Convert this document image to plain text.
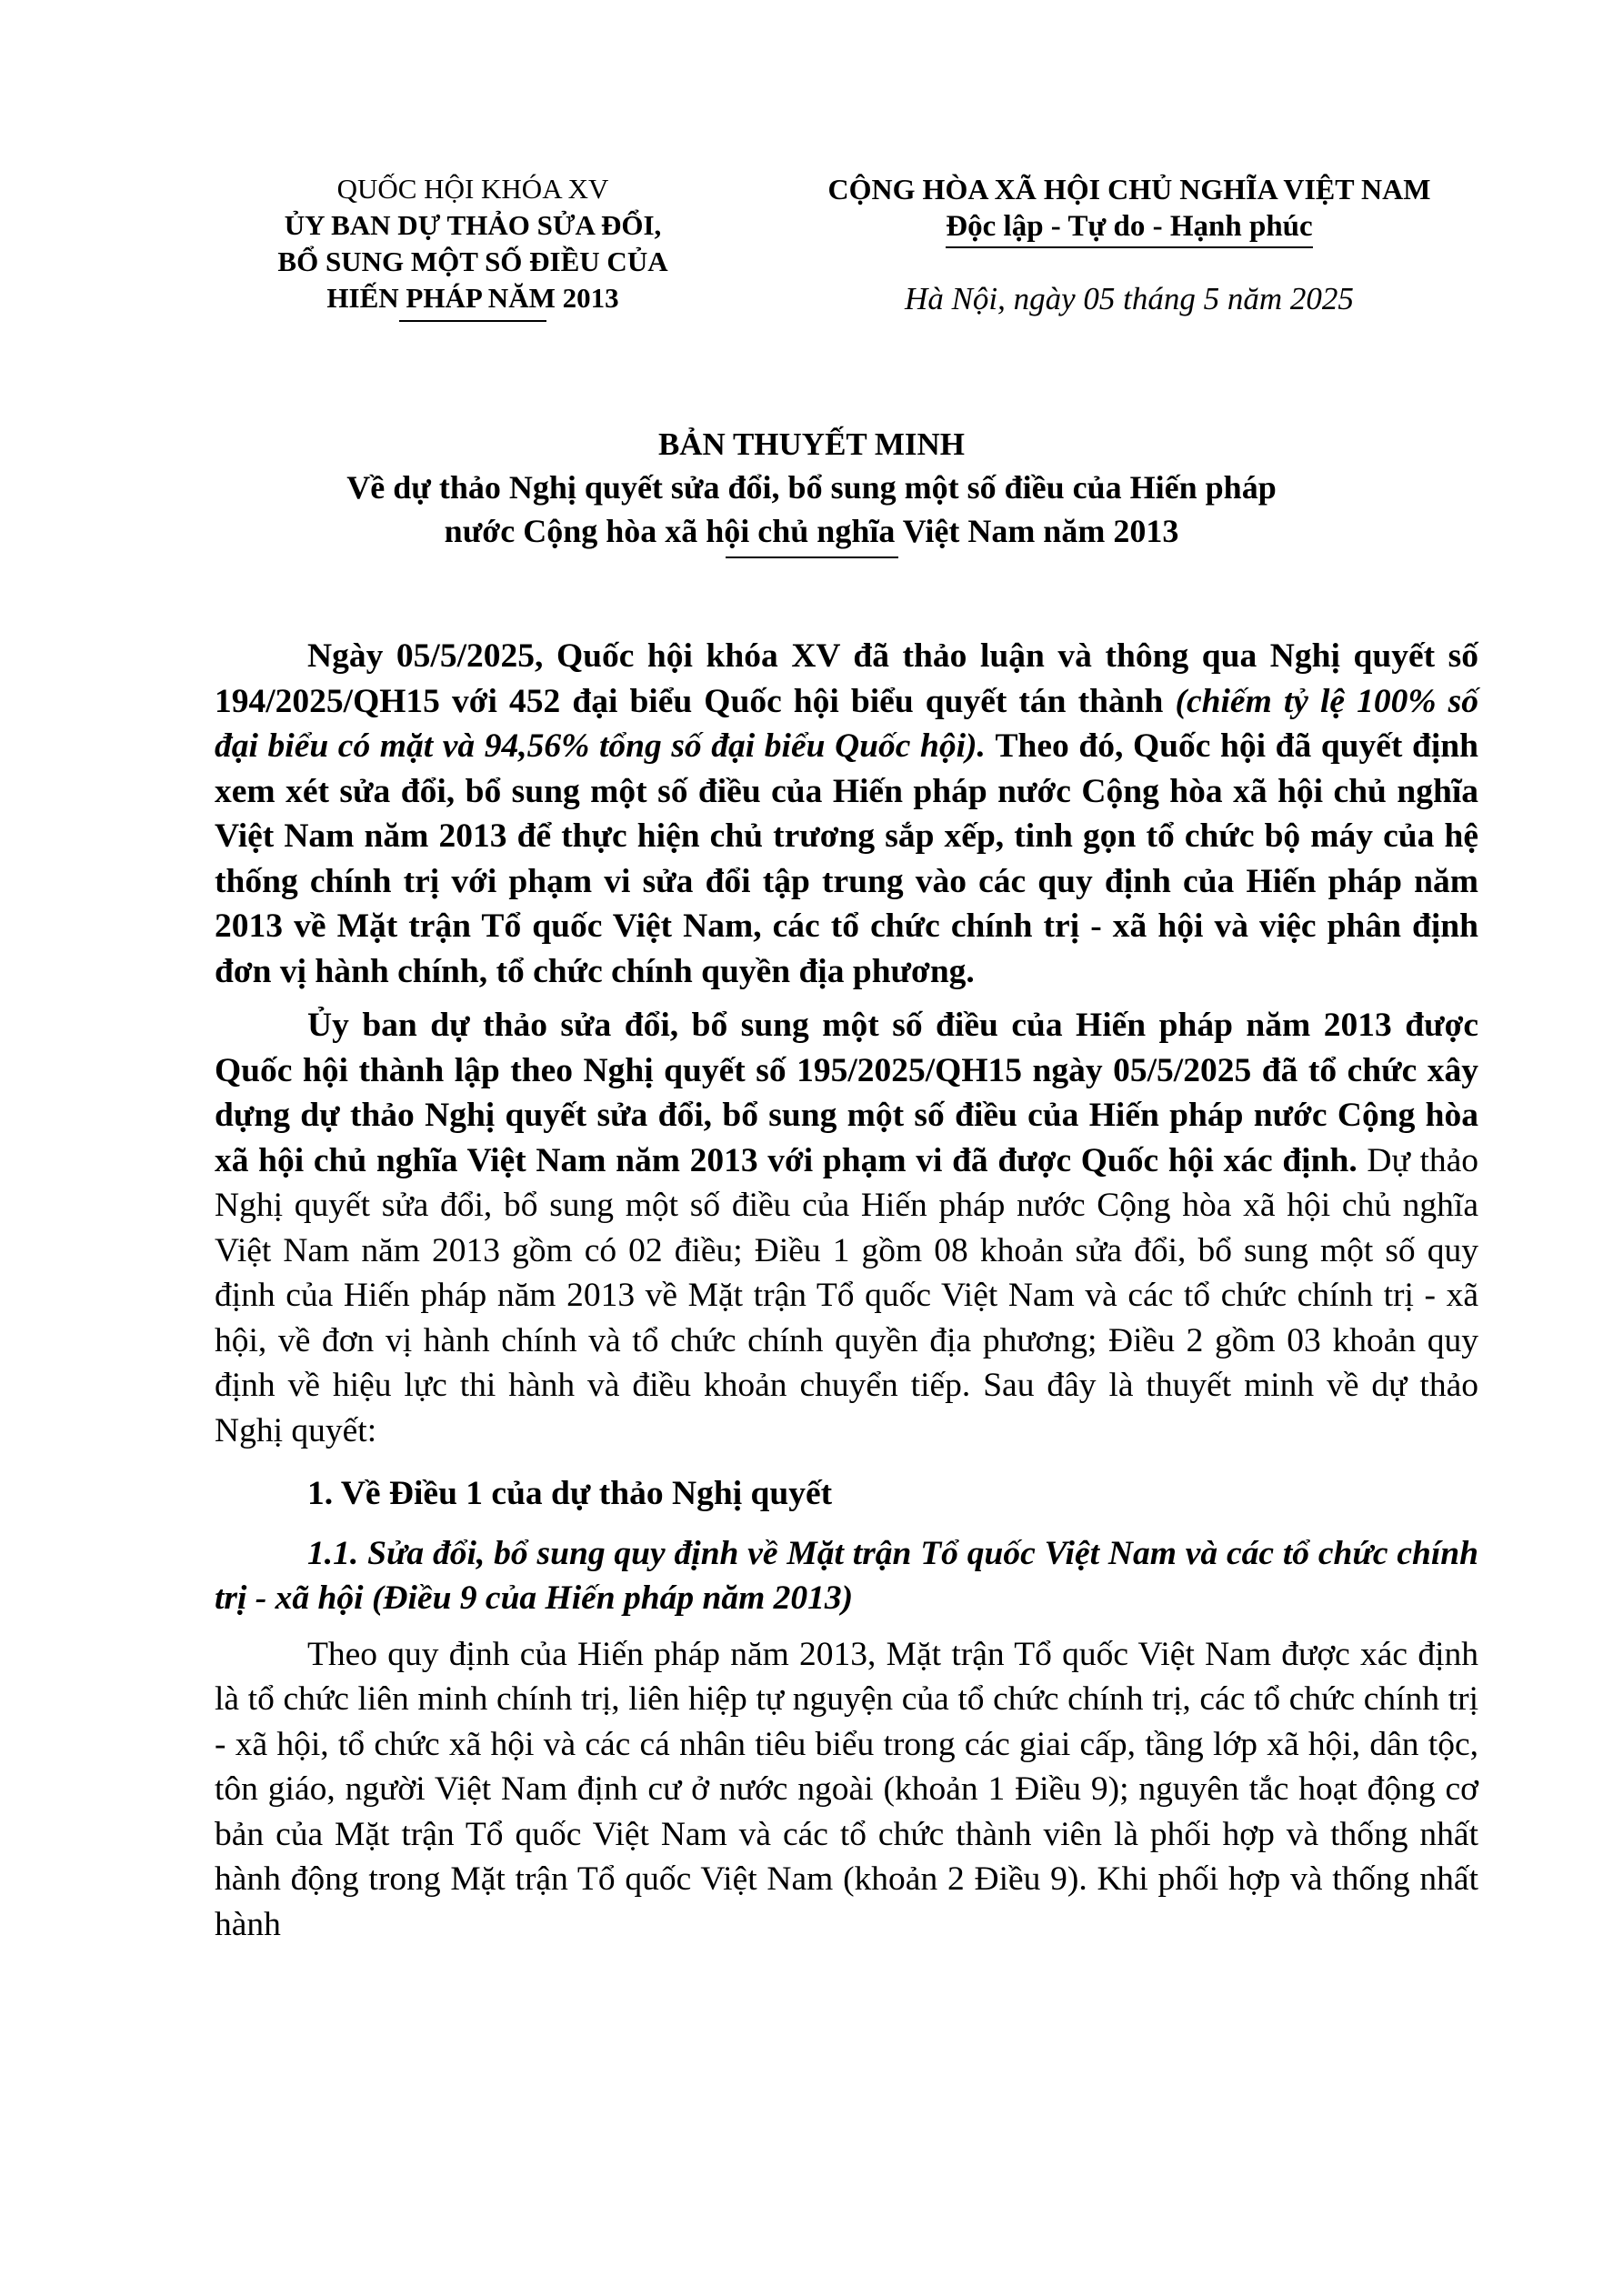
QUỐC HỘI KHÓA XV
ỦY BAN DỰ THẢO SỬA ĐỔI,
BỔ SUNG MỘT SỐ ĐIỀU CỦA
HIẾN PHÁP NĂM 2013
CỘNG HÒA XÃ HỘI CHỦ NGHĨA VIỆT NAM
Độc lập - Tự do - Hạnh phúc
Hà Nội, ngày 05 tháng 5 năm 2025
BẢN THUYẾT MINH
Về dự thảo Nghị quyết sửa đổi, bổ sung một số điều của Hiến pháp
nước Cộng hòa xã hội chủ nghĩa Việt Nam năm 2013

Ngày 05/5/2025, Quốc hội khóa XV đã thảo luận và thông qua Nghị quyết số 194/2025/QH15 với 452 đại biểu Quốc hội biểu quyết tán thành (chiếm tỷ lệ 100% số đại biểu có mặt và 94,56% tổng số đại biểu Quốc hội). Theo đó, Quốc hội đã quyết định xem xét sửa đổi, bổ sung một số điều của Hiến pháp nước Cộng hòa xã hội chủ nghĩa Việt Nam năm 2013 để thực hiện chủ trương sắp xếp, tinh gọn tổ chức bộ máy của hệ thống chính trị với phạm vi sửa đổi tập trung vào các quy định của Hiến pháp năm 2013 về Mặt trận Tổ quốc Việt Nam, các tổ chức chính trị - xã hội và việc phân định đơn vị hành chính, tổ chức chính quyền địa phương.

Ủy ban dự thảo sửa đổi, bổ sung một số điều của Hiến pháp năm 2013 được Quốc hội thành lập theo Nghị quyết số 195/2025/QH15 ngày 05/5/2025 đã tổ chức xây dựng dự thảo Nghị quyết sửa đổi, bổ sung một số điều của Hiến pháp nước Cộng hòa xã hội chủ nghĩa Việt Nam năm 2013 với phạm vi đã được Quốc hội xác định. Dự thảo Nghị quyết sửa đổi, bổ sung một số điều của Hiến pháp nước Cộng hòa xã hội chủ nghĩa Việt Nam năm 2013 gồm có 02 điều; Điều 1 gồm 08 khoản sửa đổi, bổ sung một số quy định của Hiến pháp năm 2013 về Mặt trận Tổ quốc Việt Nam và các tổ chức chính trị - xã hội, về đơn vị hành chính và tổ chức chính quyền địa phương; Điều 2 gồm 03 khoản quy định về hiệu lực thi hành và điều khoản chuyển tiếp. Sau đây là thuyết minh về dự thảo Nghị quyết:

1. Về Điều 1 của dự thảo Nghị quyết

1.1. Sửa đổi, bổ sung quy định về Mặt trận Tổ quốc Việt Nam và các tổ chức chính trị - xã hội (Điều 9 của Hiến pháp năm 2013)

Theo quy định của Hiến pháp năm 2013, Mặt trận Tổ quốc Việt Nam được xác định là tổ chức liên minh chính trị, liên hiệp tự nguyện của tổ chức chính trị, các tổ chức chính trị - xã hội, tổ chức xã hội và các cá nhân tiêu biểu trong các giai cấp, tầng lớp xã hội, dân tộc, tôn giáo, người Việt Nam định cư ở nước ngoài (khoản 1 Điều 9); nguyên tắc hoạt động cơ bản của Mặt trận Tổ quốc Việt Nam và các tổ chức thành viên là phối hợp và thống nhất hành động trong Mặt trận Tổ quốc Việt Nam (khoản 2 Điều 9). Khi phối hợp và thống nhất hành
